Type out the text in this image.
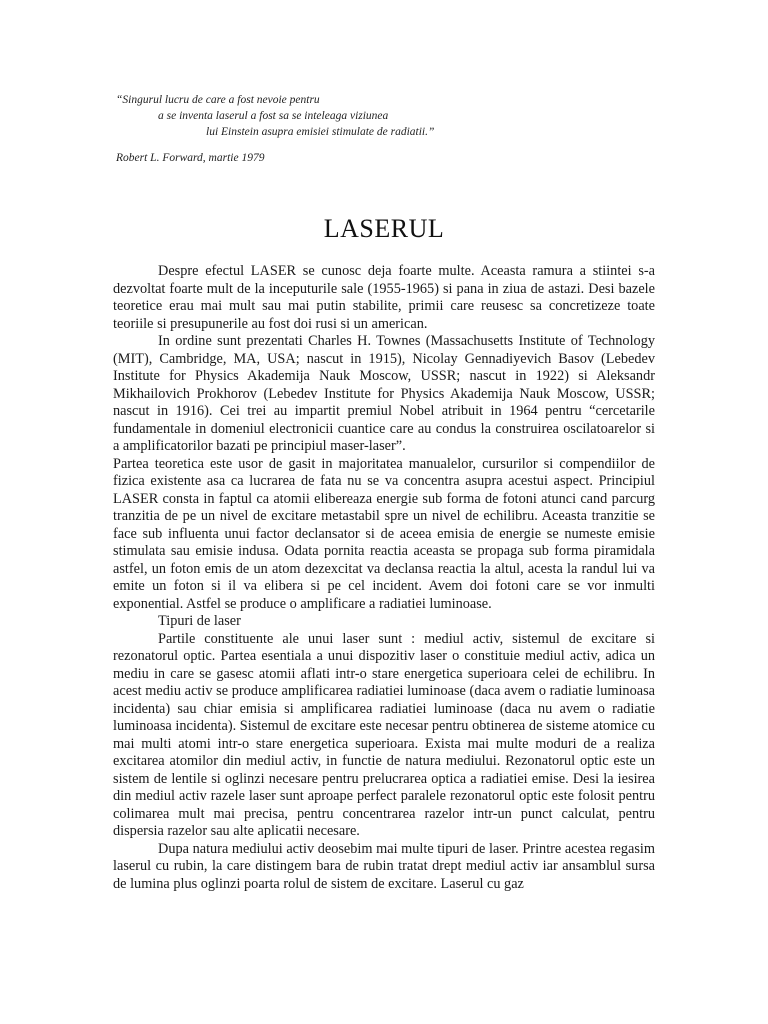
“Singurul lucru de care a fost nevoie pentru
a se inventa laserul a fost sa se inteleaga viziunea
lui Einstein asupra emisiei stimulate de radiatii.”
Robert L. Forward, martie 1979
LASERUL

Despre efectul LASER se cunosc deja foarte multe. Aceasta ramura a stiintei s-a dezvoltat foarte mult de la inceputurile sale (1955-1965) si pana in ziua de astazi. Desi bazele teoretice erau mai mult sau mai putin stabilite, primii care reusesc sa concretizeze toate teoriile si presupunerile au fost doi rusi si un american.

In ordine sunt prezentati Charles H. Townes (Massachusetts Institute of Technology (MIT), Cambridge, MA, USA; nascut in 1915), Nicolay Gennadiyevich Basov (Lebedev Institute for Physics Akademija Nauk Moscow, USSR; nascut in 1922) si Aleksandr Mikhailovich Prokhorov (Lebedev Institute for Physics Akademija Nauk Moscow, USSR; nascut in 1916). Cei trei au impartit premiul Nobel atribuit in 1964 pentru “cercetarile fundamentale in domeniul electronicii cuantice care au condus la construirea oscilatoarelor si a amplificatorilor bazati pe principiul maser-laser”.

Partea teoretica este usor de gasit in majoritatea manualelor, cursurilor si compendiilor de fizica existente asa ca lucrarea de fata nu se va concentra asupra acestui aspect. Principiul LASER consta in faptul ca atomii elibereaza energie sub forma de fotoni atunci cand parcurg tranzitia de pe un nivel de excitare metastabil spre un nivel de echilibru. Aceasta tranzitie se face sub influenta unui factor declansator si de aceea emisia de energie se numeste emisie stimulata sau emisie indusa. Odata pornita reactia aceasta se propaga sub forma piramidala astfel, un foton emis de un atom dezexcitat va declansa reactia la altul, acesta la randul lui va emite un foton si il va elibera si pe cel incident. Avem doi fotoni care se vor inmulti exponential. Astfel se produce o amplificare a radiatiei luminoase.

Tipuri de laser

Partile constituente ale unui laser sunt : mediul activ, sistemul de excitare si rezonatorul optic. Partea esentiala a unui dispozitiv laser o constituie mediul activ, adica un mediu in care se gasesc atomii aflati intr-o stare energetica superioara celei de echilibru. In acest mediu activ se produce amplificarea radiatiei luminoase (daca avem o radiatie luminoasa incidenta) sau chiar emisia si amplificarea radiatiei luminoase (daca nu avem o radiatie luminoasa incidenta). Sistemul de excitare este necesar pentru obtinerea de sisteme atomice cu mai multi atomi intr-o stare energetica superioara. Exista mai multe moduri de a realiza excitarea atomilor din mediul activ, in functie de natura mediului. Rezonatorul optic este un sistem de lentile si oglinzi necesare pentru prelucrarea optica a radiatiei emise. Desi la iesirea din mediul activ razele laser sunt aproape perfect paralele rezonatorul optic este folosit pentru colimarea mult mai precisa, pentru concentrarea razelor intr-un punct calculat, pentru dispersia razelor sau alte aplicatii necesare.

Dupa natura mediului activ deosebim mai multe tipuri de laser. Printre acestea regasim laserul cu rubin, la care distingem bara de rubin tratat drept mediul activ iar ansamblul sursa de lumina plus oglinzi poarta rolul de sistem de excitare. Laserul cu gaz
